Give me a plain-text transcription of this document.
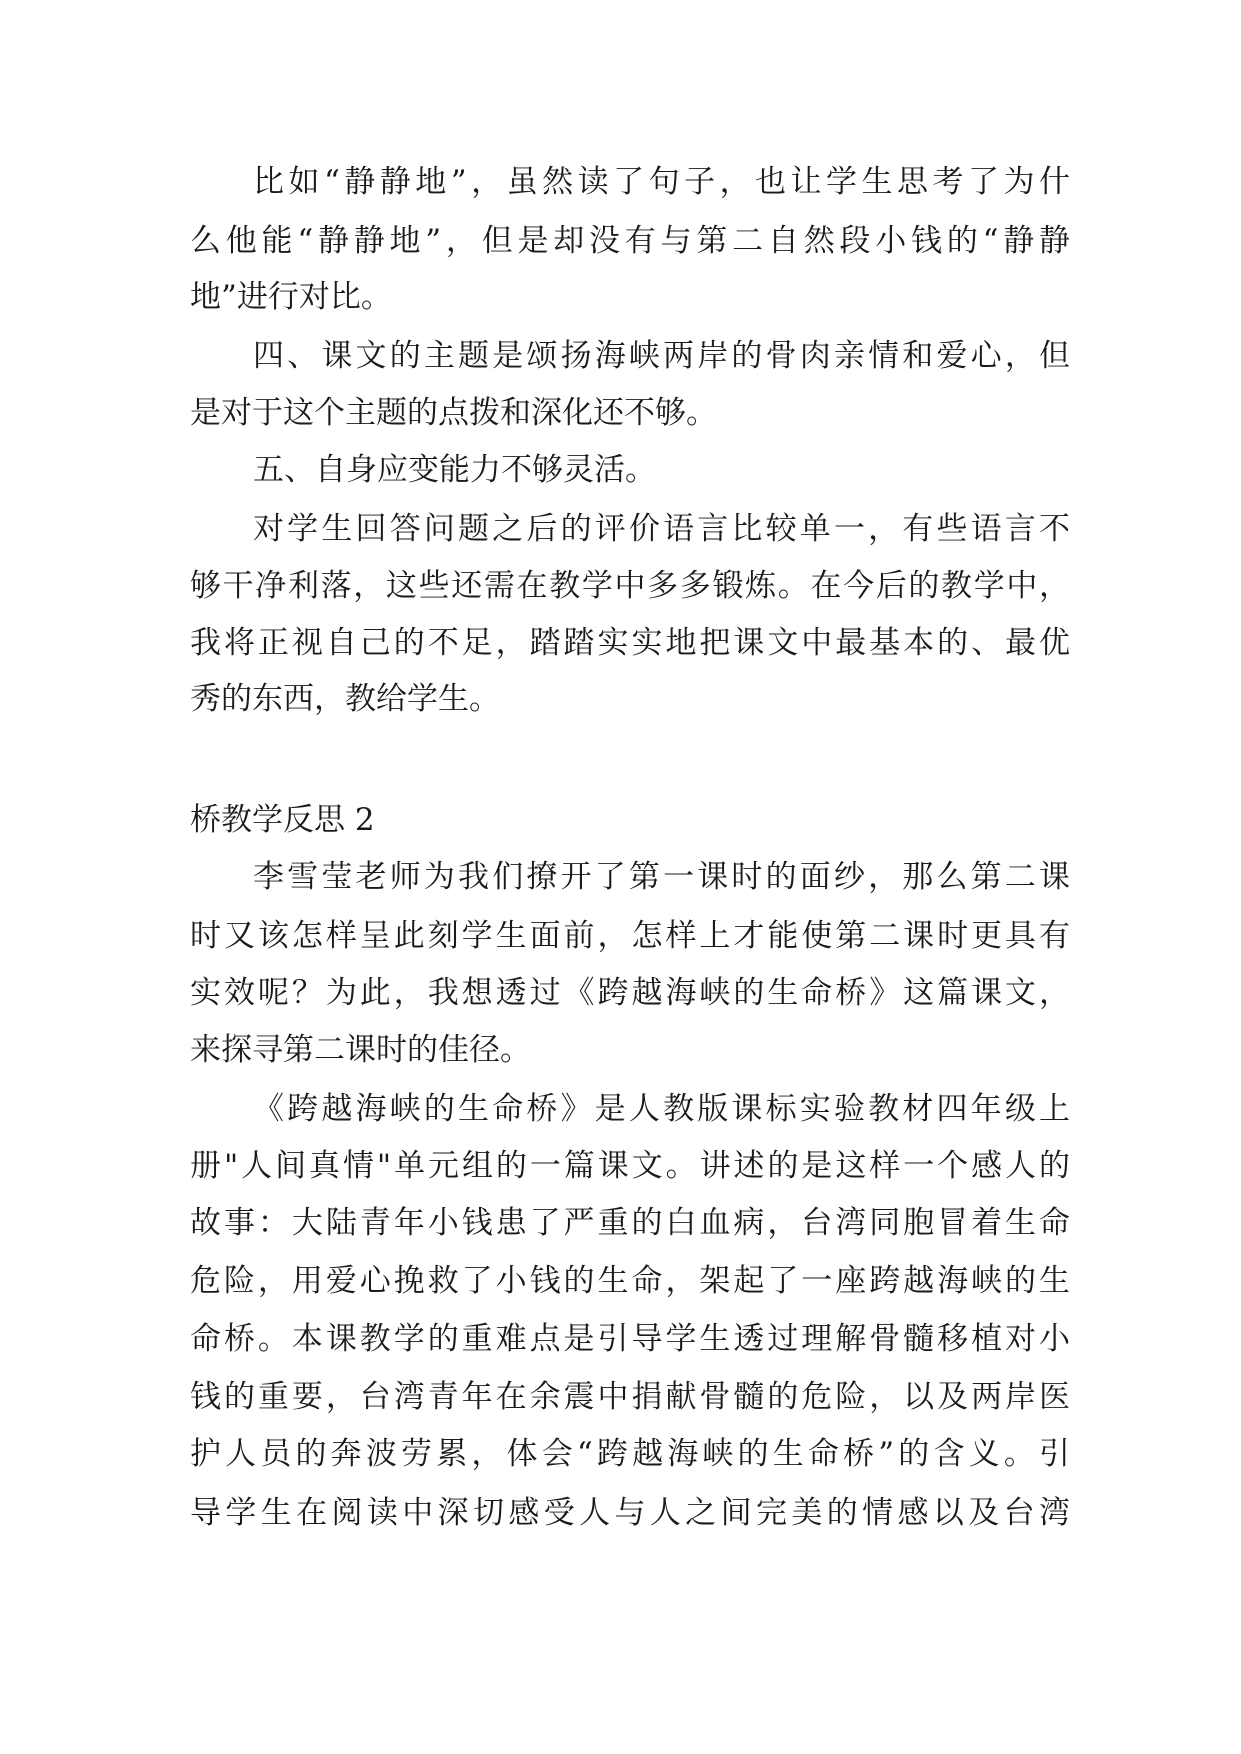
比如“静静地”，虽然读了句子，也让学生思考了为什
么他能“静静地”，但是却没有与第二自然段小钱的“静静
地”进行对比。
四、课文的主题是颂扬海峡两岸的骨肉亲情和爱心，但
是对于这个主题的点拨和深化还不够。
五、自身应变能力不够灵活。
对学生回答问题之后的评价语言比较单一，有些语言不
够干净利落，这些还需在教学中多多锻炼。在今后的教学中，
我将正视自己的不足，踏踏实实地把课文中最基本的、最优
秀的东西，教给学生。
桥教学反思 2
李雪莹老师为我们撩开了第一课时的面纱，那么第二课
时又该怎样呈此刻学生面前，怎样上才能使第二课时更具有
实效呢？为此，我想透过《跨越海峡的生命桥》这篇课文，
来探寻第二课时的佳径。
《跨越海峡的生命桥》是人教版课标实验教材四年级上
册"人间真情"单元组的一篇课文。讲述的是这样一个感人的
故事：大陆青年小钱患了严重的白血病，台湾同胞冒着生命
危险，用爱心挽救了小钱的生命，架起了一座跨越海峡的生
命桥。本课教学的重难点是引导学生透过理解骨髓移植对小
钱的重要，台湾青年在余震中捐献骨髓的危险，以及两岸医
护人员的奔波劳累，体会“跨越海峡的生命桥”的含义。引
导学生在阅读中深切感受人与人之间完美的情感以及台湾
